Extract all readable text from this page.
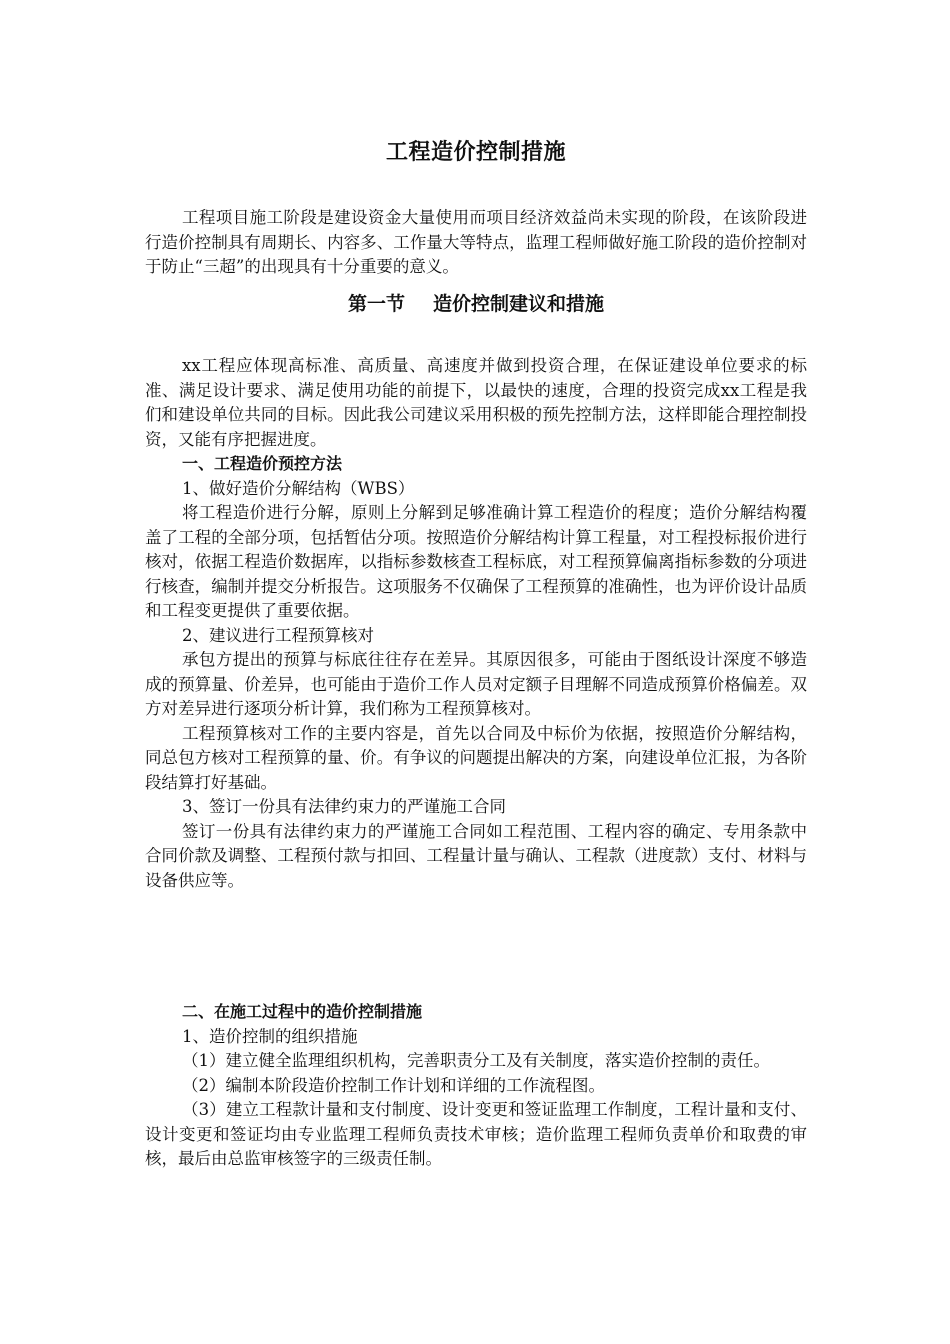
工程造价控制措施

工程项目施工阶段是建设资金大量使用而项目经济效益尚未实现的阶段，在该阶段进行造价控制具有周期长、内容多、工作量大等特点，监理工程师做好施工阶段的造价控制对于防止“三超”的出现具有十分重要的意义。

第一节 造价控制建议和措施

xx工程应体现高标准、高质量、高速度并做到投资合理，在保证建设单位要求的标准、满足设计要求、满足使用功能的前提下，以最快的速度，合理的投资完成xx工程是我们和建设单位共同的目标。因此我公司建议采用积极的预先控制方法，这样即能合理控制投资，又能有序把握进度。

一、工程造价预控方法

1、做好造价分解结构（WBS）

将工程造价进行分解，原则上分解到足够准确计算工程造价的程度；造价分解结构覆盖了工程的全部分项，包括暂估分项。按照造价分解结构计算工程量，对工程投标报价进行核对，依据工程造价数据库，以指标参数核查工程标底，对工程预算偏离指标参数的分项进行核查，编制并提交分析报告。这项服务不仅确保了工程预算的准确性，也为评价设计品质和工程变更提供了重要依据。

2、建议进行工程预算核对

承包方提出的预算与标底往往存在差异。其原因很多，可能由于图纸设计深度不够造成的预算量、价差异，也可能由于造价工作人员对定额子目理解不同造成预算价格偏差。双方对差异进行逐项分析计算，我们称为工程预算核对。

工程预算核对工作的主要内容是，首先以合同及中标价为依据，按照造价分解结构，同总包方核对工程预算的量、价。有争议的问题提出解决的方案，向建设单位汇报，为各阶段结算打好基础。

3、签订一份具有法律约束力的严谨施工合同

签订一份具有法律约束力的严谨施工合同如工程范围、工程内容的确定、专用条款中合同价款及调整、工程预付款与扣回、工程量计量与确认、工程款（进度款）支付、材料与设备供应等。

二、在施工过程中的造价控制措施

1、造价控制的组织措施

（1）建立健全监理组织机构，完善职责分工及有关制度，落实造价控制的责任。

（2）编制本阶段造价控制工作计划和详细的工作流程图。

（3）建立工程款计量和支付制度、设计变更和签证监理工作制度，工程计量和支付、设计变更和签证均由专业监理工程师负责技术审核；造价监理工程师负责单价和取费的审核，最后由总监审核签字的三级责任制。
